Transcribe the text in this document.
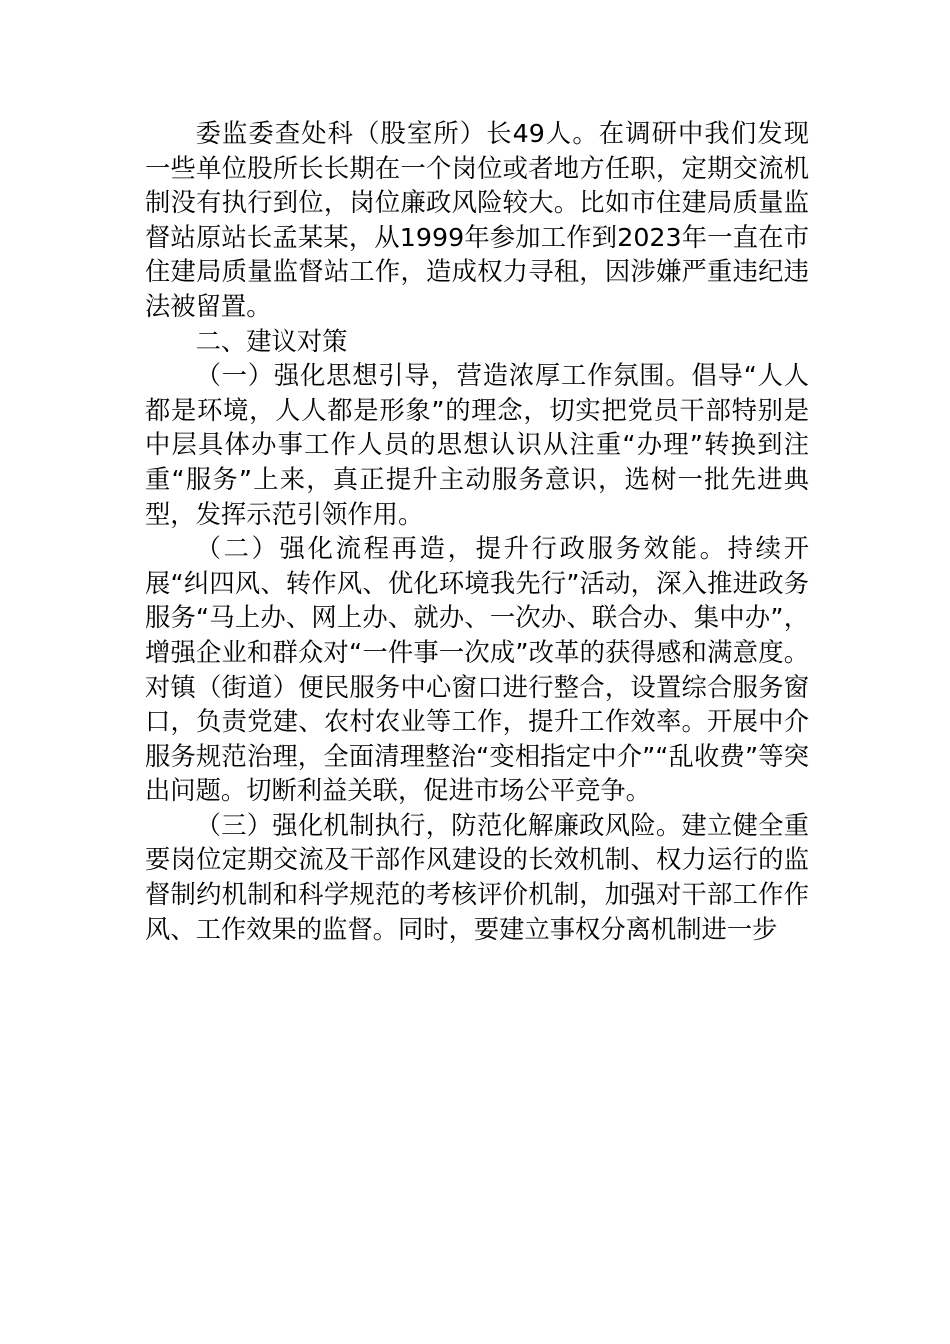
委监委查处科（股室所）长49人。在调研中我们发现一些单位股所长长期在一个岗位或者地方任职，定期交流机制没有执行到位，岗位廉政风险较大。比如市住建局质量监督站原站长孟某某，从1999年参加工作到2023年一直在市住建局质量监督站工作，造成权力寻租，因涉嫌严重违纪违法被留置。

二、建议对策

（一）强化思想引导，营造浓厚工作氛围。倡导“人人都是环境，人人都是形象”的理念，切实把党员干部特别是中层具体办事工作人员的思想认识从注重“办理”转换到注重“服务”上来，真正提升主动服务意识，选树一批先进典型，发挥示范引领作用。

（二）强化流程再造，提升行政服务效能。持续开展“纠四风、转作风、优化环境我先行”活动，深入推进政务服务“马上办、网上办、就办、一次办、联合办、集中办”，增强企业和群众对“一件事一次成”改革的获得感和满意度。对镇（街道）便民服务中心窗口进行整合，设置综合服务窗口，负责党建、农村农业等工作，提升工作效率。开展中介服务规范治理，全面清理整治“变相指定中介”“乱收费”等突出问题。切断利益关联，促进市场公平竞争。

（三）强化机制执行，防范化解廉政风险。建立健全重要岗位定期交流及干部作风建设的长效机制、权力运行的监督制约机制和科学规范的考核评价机制，加强对干部工作作风、工作效果的监督。同时，要建立事权分离机制进一步
